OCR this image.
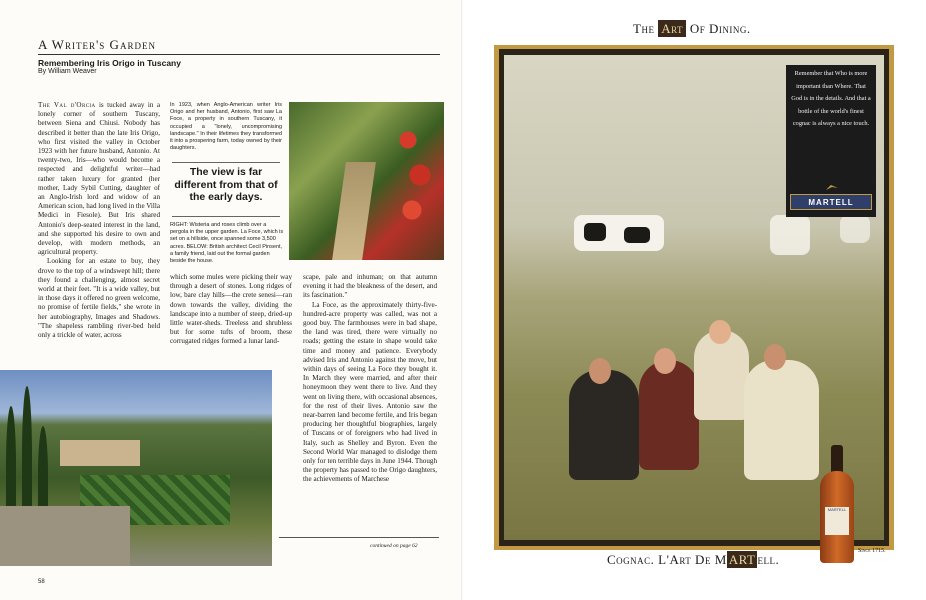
A Writer's Garden
Remembering Iris Origo in Tuscany
By William Weaver

The Val d'Orcia is tucked away in a lonely corner of southern Tuscany, between Siena and Chiusi. Nobody has described it better than the late Iris Origo, who first visited the valley in October 1923 with her future husband, Antonio. At twenty-two, Iris—who would become a respected and delightful writer—had rather taken luxury for granted (her mother, Lady Sybil Cutting, daughter of an Anglo-Irish lord and widow of an American scion, had long lived in the Villa Medici in Fiesole). But Iris shared Antonio's deep-seated interest in the land, and she supported his desire to own and develop, with modern methods, an agricultural property.

Looking for an estate to buy, they drove to the top of a windswept hill; there they found a challenging, almost secret world at their feet. "It is a wide valley, but in those days it offered no green welcome, no promise of fertile fields," she wrote in her autobiography, Images and Shadows. "The shapeless rambling river-bed held only a trickle of water, across

In 1923, when Anglo-American writer Iris Origo and her husband, Antonio, first saw La Foce, a property in southern Tuscany, it occupied a "lonely, uncompromising landscape." In their lifetimes they transformed it into a prospering farm, today owned by their daughters.
The view is far different from that of the early days.
RIGHT: Wisteria and roses climb over a pergola in the upper garden. La Foce, which is set on a hillside, once spanned some 3,500 acres. BELOW: British architect Cecil Pinsent, a family friend, laid out the formal garden beside the house.

which some mules were picking their way through a desert of stones. Long ridges of low, bare clay hills—the crete senesi—ran down towards the valley, dividing the landscape into a number of steep, dried-up little water-sheds. Treeless and shrubless but for some tufts of broom, these corrugated ridges formed a lunar land-

scape, pale and inhuman; on that autumn evening it had the bleakness of the desert, and its fascination."

La Foce, as the approximately thirty-five-hundred-acre property was called, was not a good buy. The farmhouses were in bad shape, the land was tired, there were virtually no roads; getting the estate in shape would take time and money and patience. Everybody advised Iris and Antonio against the move, but within days of seeing La Foce they bought it. In March they were married, and after their honeymoon they went there to live. And they went on living there, with occasional absences, for the rest of their lives. Antonio saw the near-barren land become fertile, and Iris began producing her thoughtful biographies, largely of Tuscans or of foreigners who had lived in Italy, such as Shelley and Byron. Even the Second World War managed to dislodge them only for ten terrible days in June 1944. Though the property has passed to the Origo daughters, the achievements of Marchese

continued on page 62
58
The Art Of Dining.
Remember that Who is more important than Where. That God is in the details. And that a bottle of the world's finest cognac is always a nice touch.
MARTELL
MARTELL
Since 1715.
Cognac. L'Art De M ART ell.
